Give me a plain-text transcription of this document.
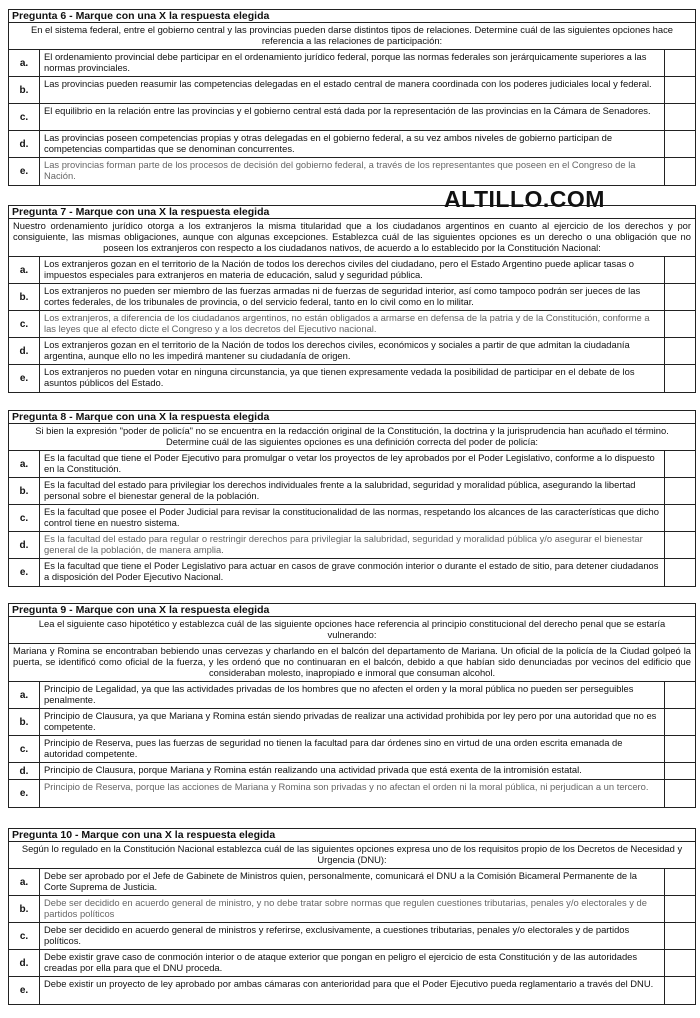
Pregunta 6 - Marque con una X la respuesta elegida
En el sistema federal, entre el gobierno central y las provincias pueden darse distintos tipos de relaciones. Determine cuál de las siguientes opciones hace referencia a las relaciones de participación:
a.
El ordenamiento provincial debe participar en el ordenamiento jurídico federal, porque las normas federales son jerárquicamente superiores a las normas provinciales.
b.
Las provincias pueden reasumir las competencias delegadas en el estado central de manera coordinada con los poderes judiciales local y federal.
c.
El equilibrio en la relación entre las provincias y el gobierno central está dada por la representación de las provincias en la Cámara de Senadores.
d.
Las provincias poseen competencias propias y otras delegadas en el gobierno federal, a su vez ambos niveles de gobierno participan de competencias compartidas que se denominan concurrentes.
e.
Las provincias forman parte de los procesos de decisión del gobierno federal, a través de los representantes que poseen en el Congreso de la Nación.
Pregunta 7 - Marque con una X la respuesta elegida
Nuestro ordenamiento jurídico otorga a los extranjeros la misma titularidad que a los ciudadanos argentinos en cuanto al ejercicio de los derechos y por consiguiente, las mismas obligaciones, aunque con algunas excepciones. Establezca cuál de las siguientes opciones es un derecho o una obligación que no poseen los extranjeros con respecto a los ciudadanos nativos, de acuerdo a lo establecido por la Constitución Nacional:
a.
Los extranjeros gozan en el territorio de la Nación de todos los derechos civiles del ciudadano, pero el Estado Argentino puede aplicar tasas o impuestos especiales para extranjeros en materia de educación, salud y seguridad pública.
b.
Los extranjeros no pueden ser miembro de las fuerzas armadas ni de fuerzas de seguridad interior, así como tampoco podrán ser jueces de las cortes federales, de los tribunales de provincia, o del servicio federal, tanto en lo civil como en lo militar.
c.
Los extranjeros, a diferencia de los ciudadanos argentinos, no están obligados a armarse en defensa de la patria y de la Constitución, conforme a las leyes que al efecto dicte el Congreso y a los decretos del Ejecutivo nacional.
d.
Los extranjeros gozan en el territorio de la Nación de todos los derechos civiles, económicos y sociales a partir de que admitan la ciudadanía argentina, aunque ello no les impedirá mantener su ciudadanía de origen.
e.
Los extranjeros no pueden votar en ninguna circunstancia, ya que tienen expresamente vedada la posibilidad de participar en el debate de los asuntos públicos del Estado.
Pregunta 8 - Marque con una X la respuesta elegida
Si bien la expresión "poder de policía" no se encuentra en la redacción original de la Constitución, la doctrina y la jurisprudencia han acuñado el término. Determine cuál de las siguientes opciones es una definición correcta del poder de policía:
a.
Es la facultad que tiene el Poder Ejecutivo para promulgar o vetar los proyectos de ley aprobados por el Poder Legislativo, conforme a lo dispuesto en la Constitución.
b.
Es la facultad del estado para privilegiar los derechos individuales frente a la salubridad, seguridad y moralidad pública, asegurando la libertad personal sobre el bienestar general de la población.
c.
Es la facultad que posee el Poder Judicial para revisar la constitucionalidad de las normas, respetando los alcances de las características que dicho control tiene en nuestro sistema.
d.
Es la facultad del estado para regular o restringir derechos para privilegiar la salubridad, seguridad y moralidad pública y/o asegurar el bienestar general de la población, de manera amplia.
e.
Es la facultad que tiene el Poder Legislativo para actuar en casos de grave conmoción interior o durante el estado de sitio, para detener ciudadanos a disposición del Poder Ejecutivo Nacional.
Pregunta 9 - Marque con una X la respuesta elegida
Lea el siguiente caso hipotético y establezca cuál de las siguiente opciones hace referencia al principio constitucional del derecho penal que se estaría vulnerando:
Mariana y Romina se encontraban bebiendo unas cervezas y charlando en el balcón del departamento de Mariana. Un oficial de la policía de la Ciudad golpeó la puerta, se identificó como oficial de la fuerza, y les ordenó que no continuaran en el balcón, debido a que habían sido denunciadas por vecinos del edificio que consideraban molesto, inapropiado e inmoral que consuman alcohol.
a.
Principio de Legalidad, ya que las actividades privadas de los hombres que no afecten el orden y la moral pública no pueden ser perseguibles penalmente.
b.
Principio de Clausura, ya que Mariana y Romina están siendo privadas de realizar una actividad prohibida por ley pero por una autoridad que no es competente.
c.
Principio de Reserva, pues las fuerzas de seguridad no tienen la facultad para dar órdenes sino en virtud de una orden escrita emanada de autoridad competente.
d.	Principio de Clausura, porque Mariana y Romina están realizando una actividad privada que está exenta de la intromisión estatal.
e.
Principio de Reserva, porque las acciones de Mariana y Romina son privadas y no afectan el orden ni la moral pública, ni perjudican a un tercero.
Pregunta 10 - Marque con una X la respuesta elegida
Según lo regulado en la Constitución Nacional establezca cuál de las siguientes opciones expresa uno de los requisitos propio de los Decretos de Necesidad y Urgencia (DNU):
a.
Debe ser aprobado por el Jefe de Gabinete de Ministros quien, personalmente, comunicará el DNU a la Comisión Bicameral Permanente de la Corte Suprema de Justicia.
b.
Debe ser decidido en acuerdo general de ministro, y no debe tratar sobre normas que regulen cuestiones tributarias, penales y/o electorales y de partidos políticos
c.
Debe ser decidido en acuerdo general de ministros y referirse, exclusivamente, a cuestiones tributarias, penales y/o electorales y de partidos políticos.
d.
Debe existir grave caso de conmoción interior o de ataque exterior que pongan en peligro el ejercicio de esta Constitución y de las autoridades creadas por ella para que el DNU proceda.
e.
Debe existir un proyecto de ley aprobado por ambas cámaras con anterioridad para que el Poder Ejecutivo pueda reglamentario a través del DNU.
ALTILLO.COM
